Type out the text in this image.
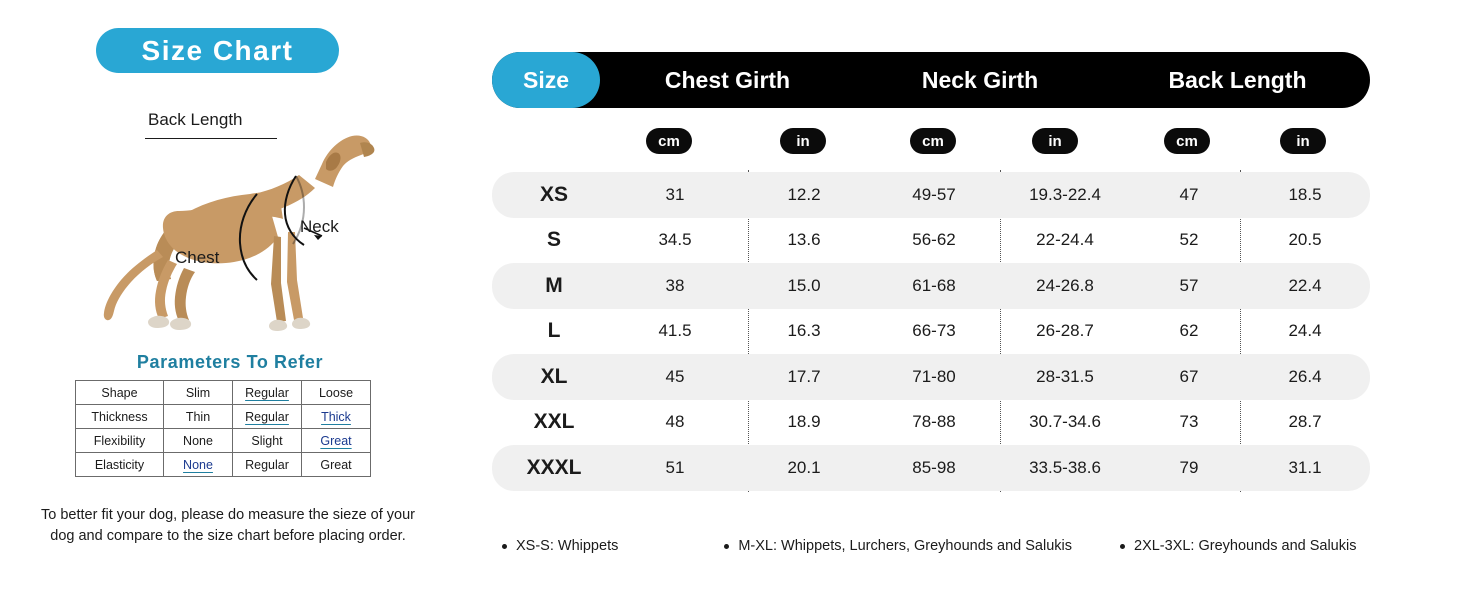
Size Chart
Back Length
Neck
Chest
Parameters To Refer
Shape	Slim	Regular	Loose
Thickness	Thin	Regular	Thick
Flexibility	None	Slight	Great
Elasticity	None	Regular	Great
To better fit your dog, please do measure the sieze of your dog and compare to the size chart before placing order.
Size	Chest Girth	Neck Girth	Back Length
cm	in	cm	in	cm	in
XS	31	12.2	49-57	19.3-22.4	47	18.5
S	34.5	13.6	56-62	22-24.4	52	20.5
M	38	15.0	61-68	24-26.8	57	22.4
L	41.5	16.3	66-73	26-28.7	62	24.4
XL	45	17.7	71-80	28-31.5	67	26.4
XXL	48	18.9	78-88	30.7-34.6	73	28.7
XXXL	51	20.1	85-98	33.5-38.6	79	31.1
XS-S: Whippets	M-XL: Whippets, Lurchers, Greyhounds and Salukis	2XL-3XL: Greyhounds and Salukis
